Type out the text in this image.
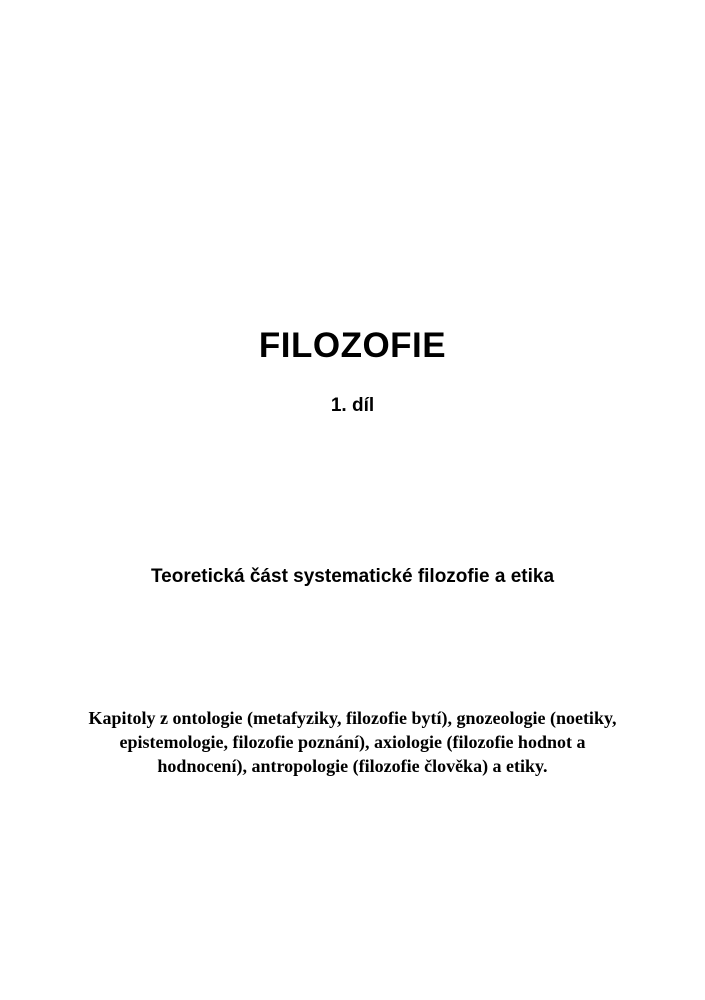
FILOZOFIE
1. díl
Teoretická část systematické filozofie a etika
Kapitoly z ontologie (metafyziky, filozofie bytí), gnozeologie (noetiky,
epistemologie, filozofie poznání), axiologie (filozofie hodnot a
hodnocení), antropologie (filozofie člověka) a etiky.
